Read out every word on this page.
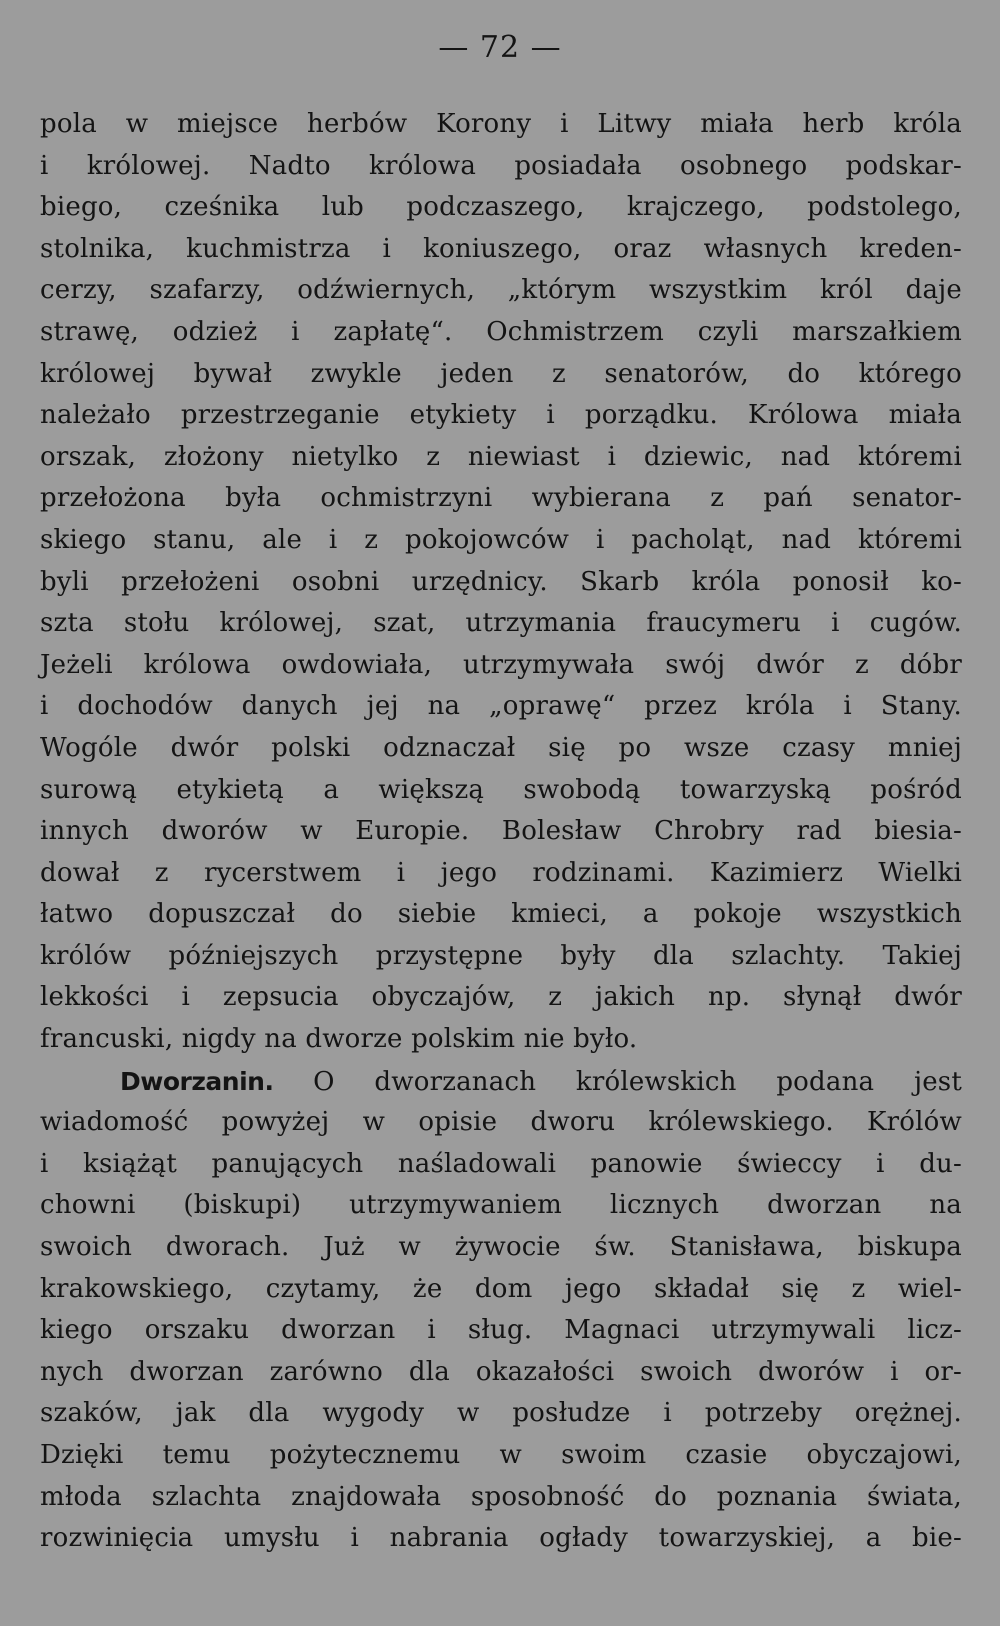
— 72 —
pola w miejsce herbów Korony i Litwy miała herb króla
i królowej. Nadto królowa posiadała osobnego podskar-
biego, cześnika lub podczaszego, krajczego, podstolego,
stolnika, kuchmistrza i koniuszego, oraz własnych kreden-
cerzy, szafarzy, odźwiernych, „którym wszystkim król daje
strawę, odzież i zapłatę“. Ochmistrzem czyli marszałkiem
królowej bywał zwykle jeden z senatorów, do którego
należało przestrzeganie etykiety i porządku. Królowa miała
orszak, złożony nietylko z niewiast i dziewic, nad któremi
przełożona była ochmistrzyni wybierana z pań senator-
skiego stanu, ale i z pokojowców i pacholąt, nad któremi
byli przełożeni osobni urzędnicy. Skarb króla ponosił ko-
szta stołu królowej, szat, utrzymania fraucymeru i cugów.
Jeżeli królowa owdowiała, utrzymywała swój dwór z dóbr
i dochodów danych jej na „oprawę“ przez króla i Stany.
Wogóle dwór polski odznaczał się po wsze czasy mniej
surową etykietą a większą swobodą towarzyską pośród
innych dworów w Europie. Bolesław Chrobry rad biesia-
dował z rycerstwem i jego rodzinami. Kazimierz Wielki
łatwo dopuszczał do siebie kmieci, a pokoje wszystkich
królów późniejszych przystępne były dla szlachty. Takiej
lekkości i zepsucia obyczajów, z jakich np. słynął dwór
francuski, nigdy na dworze polskim nie było.
Dworzanin. O dworzanach królewskich podana jest
wiadomość powyżej w opisie dworu królewskiego. Królów
i książąt panujących naśladowali panowie świeccy i du-
chowni (biskupi) utrzymywaniem licznych dworzan na
swoich dworach. Już w żywocie św. Stanisława, biskupa
krakowskiego, czytamy, że dom jego składał się z wiel-
kiego orszaku dworzan i sług. Magnaci utrzymywali licz-
nych dworzan zarówno dla okazałości swoich dworów i or-
szaków, jak dla wygody w posłudze i potrzeby orężnej.
Dzięki temu pożytecznemu w swoim czasie obyczajowi,
młoda szlachta znajdowała sposobność do poznania świata,
rozwinięcia umysłu i nabrania ogłady towarzyskiej, a bie-
